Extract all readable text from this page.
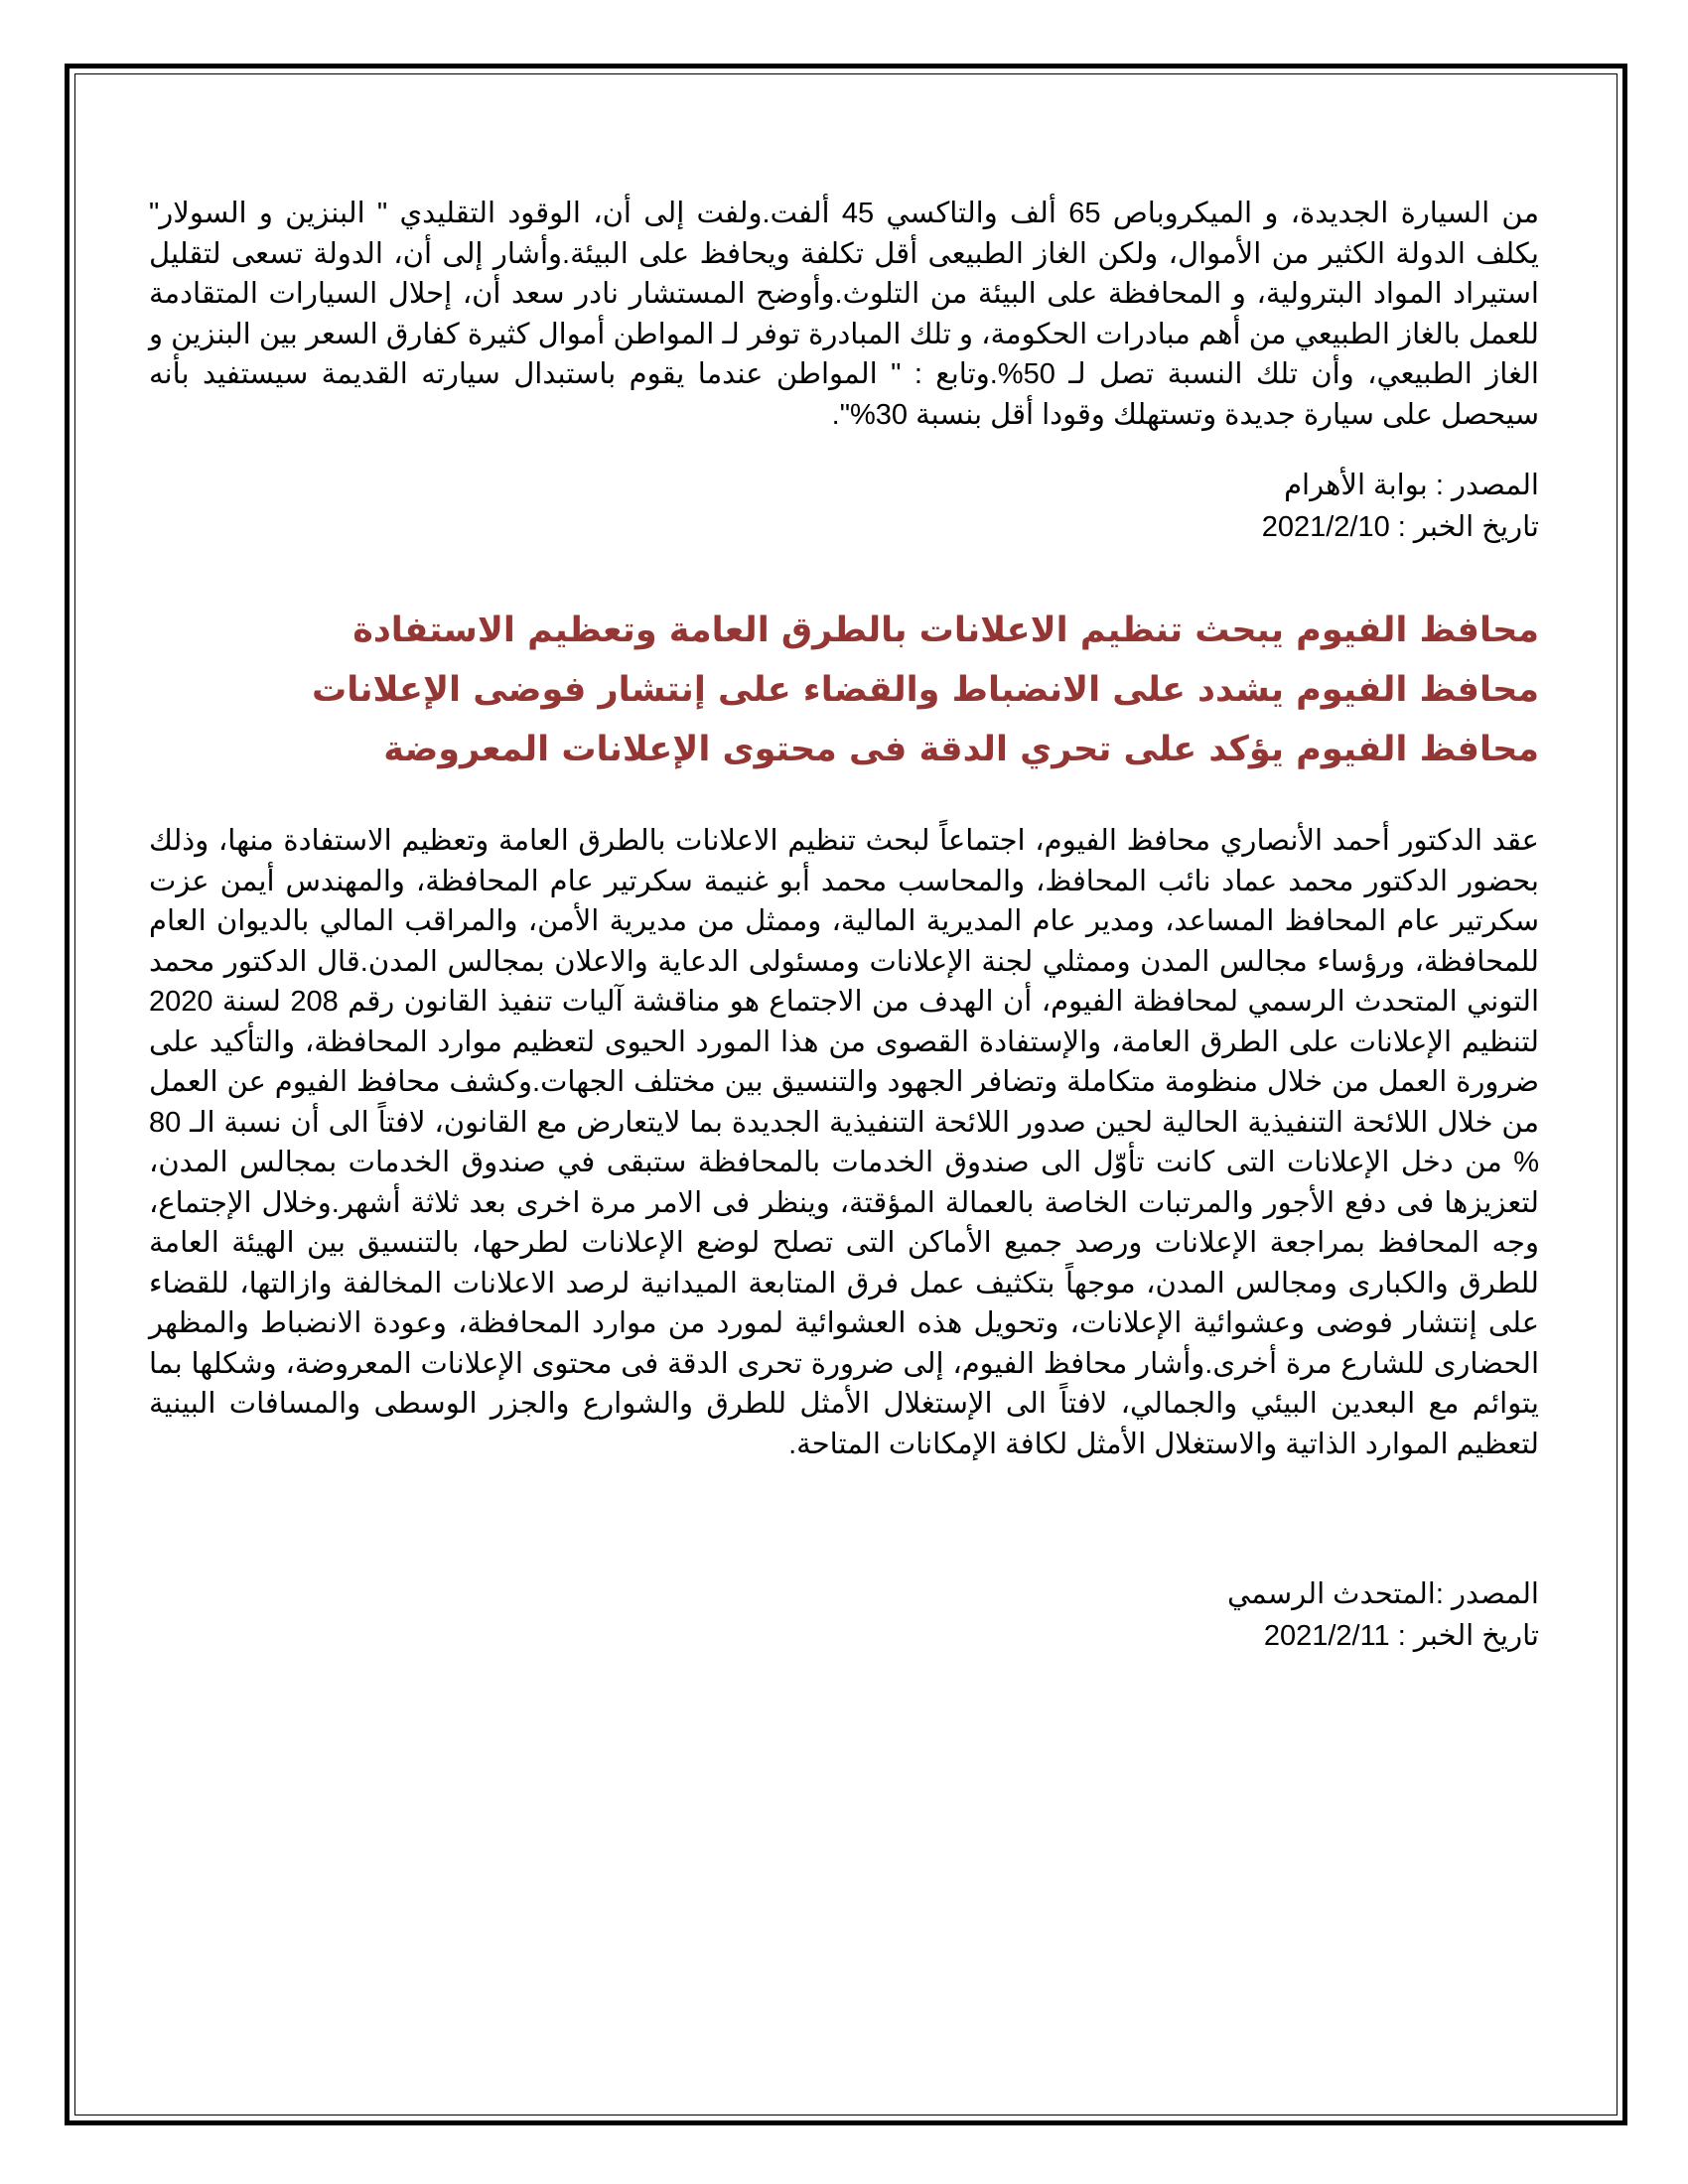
من السيارة الجديدة، و الميكروباص 65 ألف والتاكسي 45 ألفت.ولفت إلى أن، الوقود التقليدي " البنزين و السولار" يكلف الدولة الكثير من الأموال، ولكن الغاز الطبيعى أقل تكلفة ويحافظ على البيئة.وأشار إلى أن، الدولة تسعى لتقليل استيراد المواد البترولية، و المحافظة على البيئة من التلوث.وأوضح المستشار نادر سعد أن، إحلال السيارات المتقادمة للعمل بالغاز الطبيعي من أهم مبادرات الحكومة، و تلك المبادرة توفر لـ المواطن أموال كثيرة كفارق السعر بين البنزين و الغاز الطبيعي، وأن تلك النسبة تصل لـ 50%.وتابع : " المواطن عندما يقوم باستبدال سيارته القديمة سيستفيد بأنه سيحصل على سيارة جديدة وتستهلك وقودا أقل بنسبة 30%".

المصدر : بوابة الأهرام

تاريخ الخبر : 2021/2/10

محافظ الفيوم يبحث تنظيم الاعلانات بالطرق العامة وتعظيم الاستفادة

محافظ الفيوم يشدد على الانضباط والقضاء على إنتشار فوضى الإعلانات

محافظ الفيوم يؤكد على تحري الدقة فى محتوى الإعلانات المعروضة

عقد الدكتور أحمد الأنصاري محافظ الفيوم، اجتماعاً لبحث تنظيم الاعلانات بالطرق العامة وتعظيم الاستفادة منها، وذلك بحضور الدكتور محمد عماد نائب المحافظ، والمحاسب محمد أبو غنيمة سكرتير عام المحافظة، والمهندس أيمن عزت سكرتير عام المحافظ المساعد، ومدير عام المديرية المالية، وممثل من مديرية الأمن، والمراقب المالي بالديوان العام للمحافظة، ورؤساء مجالس المدن وممثلي لجنة الإعلانات ومسئولى الدعاية والاعلان بمجالس المدن.قال الدكتور محمد التوني المتحدث الرسمي لمحافظة الفيوم، أن الهدف من الاجتماع هو مناقشة آليات تنفيذ القانون رقم 208 لسنة 2020 لتنظيم الإعلانات على الطرق العامة، والإستفادة القصوى من هذا المورد الحيوى لتعظيم موارد المحافظة، والتأكيد على ضرورة العمل من خلال منظومة متكاملة وتضافر الجهود والتنسيق بين مختلف الجهات.وكشف محافظ الفيوم عن العمل من خلال اللائحة التنفيذية الحالية لحين صدور اللائحة التنفيذية الجديدة بما لايتعارض مع القانون، لافتاً الى أن نسبة الـ 80 % من دخل الإعلانات التى كانت تأوّل الى صندوق الخدمات بالمحافظة ستبقى في صندوق الخدمات بمجالس المدن، لتعزيزها فى دفع الأجور والمرتبات الخاصة بالعمالة المؤقتة، وينظر فى الامر مرة اخرى بعد ثلاثة أشهر.وخلال الإجتماع، وجه المحافظ بمراجعة الإعلانات ورصد جميع الأماكن التى تصلح لوضع الإعلانات لطرحها، بالتنسيق بين الهيئة العامة للطرق والكبارى ومجالس المدن، موجهاً بتكثيف عمل فرق المتابعة الميدانية لرصد الاعلانات المخالفة وازالتها، للقضاء على إنتشار فوضى وعشوائية الإعلانات، وتحويل هذه العشوائية لمورد من موارد المحافظة، وعودة الانضباط والمظهر الحضارى للشارع مرة أخرى.وأشار محافظ الفيوم، إلى ضرورة تحرى الدقة فى محتوى الإعلانات المعروضة، وشكلها بما يتوائم مع البعدين البيئي والجمالي، لافتاً الى الإستغلال الأمثل للطرق والشوارع والجزر الوسطى والمسافات البينية لتعظيم الموارد الذاتية والاستغلال الأمثل لكافة الإمكانات المتاحة.

المصدر :المتحدث الرسمي

تاريخ الخبر : 2021/2/11
